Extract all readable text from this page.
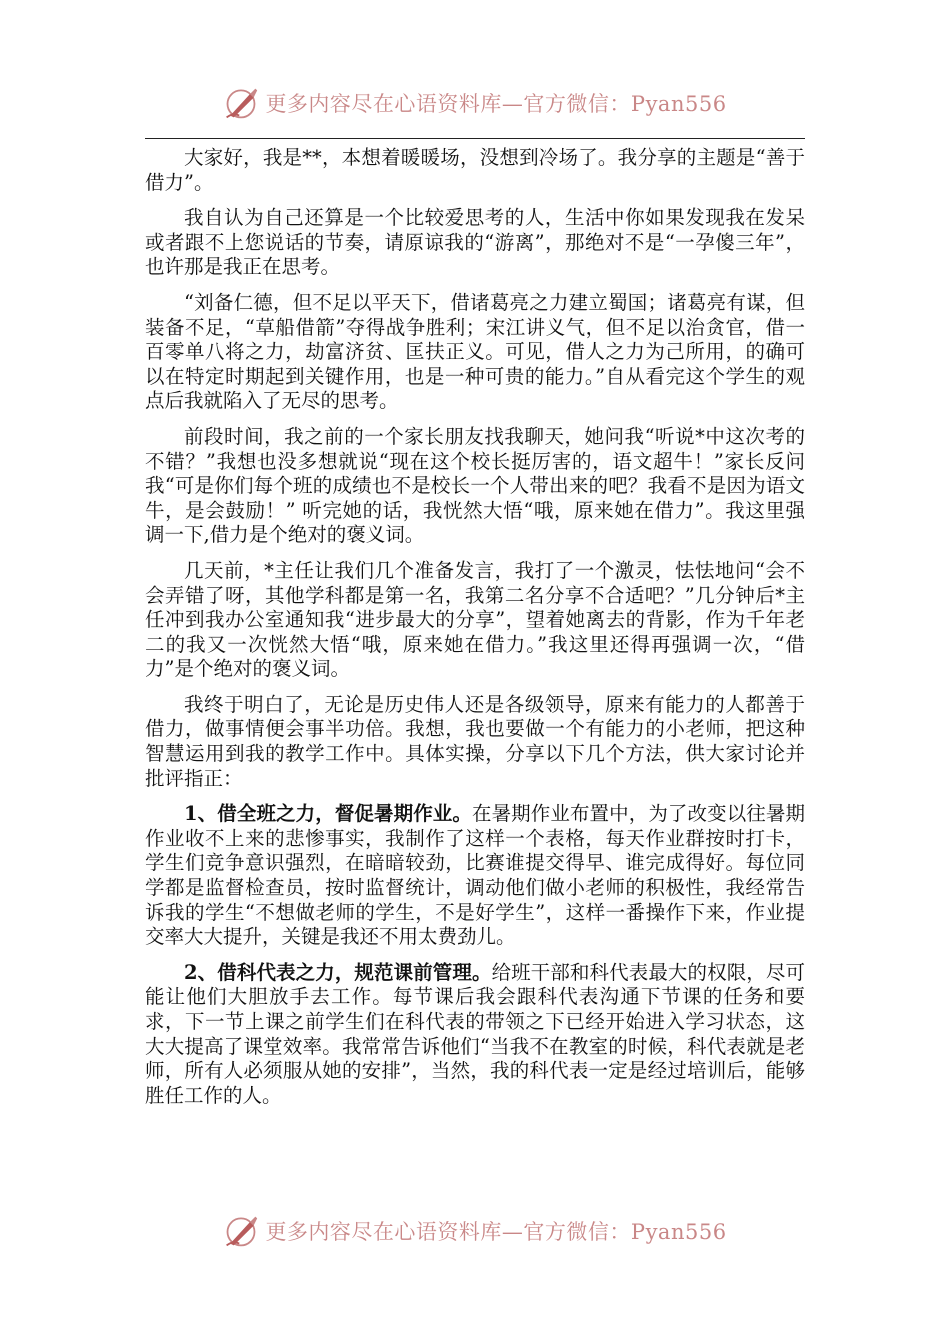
更多内容尽在心语资料库—官方微信：Pyan556

大家好，我是**，本想着暖暖场，没想到冷场了。我分享的主题是“善于借力”。

我自认为自己还算是一个比较爱思考的人，生活中你如果发现我在发呆或者跟不上您说话的节奏，请原谅我的“游离”，那绝对不是“一孕傻三年”，也许那是我正在思考。

“刘备仁德，但不足以平天下，借诸葛亮之力建立蜀国；诸葛亮有谋，但装备不足，“草船借箭”夺得战争胜利；宋江讲义气，但不足以治贪官，借一百零单八将之力，劫富济贫、匡扶正义。可见，借人之力为己所用，的确可以在特定时期起到关键作用，也是一种可贵的能力。”自从看完这个学生的观点后我就陷入了无尽的思考。

前段时间，我之前的一个家长朋友找我聊天，她问我“听说*中这次考的不错？”我想也没多想就说“现在这个校长挺厉害的，语文超牛！”家长反问我“可是你们每个班的成绩也不是校长一个人带出来的吧？我看不是因为语文牛，是会鼓励！” 听完她的话，我恍然大悟“哦，原来她在借力”。我这里强调一下,借力是个绝对的褒义词。

几天前，*主任让我们几个准备发言，我打了一个激灵，怯怯地问“会不会弄错了呀，其他学科都是第一名，我第二名分享不合适吧？”几分钟后*主任冲到我办公室通知我“进步最大的分享”，望着她离去的背影，作为千年老二的我又一次恍然大悟“哦，原来她在借力。”我这里还得再强调一次，“借力”是个绝对的褒义词。

我终于明白了，无论是历史伟人还是各级领导，原来有能力的人都善于借力，做事情便会事半功倍。我想，我也要做一个有能力的小老师，把这种智慧运用到我的教学工作中。具体实操，分享以下几个方法，供大家讨论并批评指正：

1、借全班之力，督促暑期作业。在暑期作业布置中，为了改变以往暑期作业收不上来的悲惨事实，我制作了这样一个表格，每天作业群按时打卡，学生们竞争意识强烈，在暗暗较劲，比赛谁提交得早、谁完成得好。每位同学都是监督检查员，按时监督统计，调动他们做小老师的积极性，我经常告诉我的学生“不想做老师的学生，不是好学生”，这样一番操作下来，作业提交率大大提升，关键是我还不用太费劲儿。

2、借科代表之力，规范课前管理。给班干部和科代表最大的权限，尽可能让他们大胆放手去工作。每节课后我会跟科代表沟通下节课的任务和要求，下一节上课之前学生们在科代表的带领之下已经开始进入学习状态，这大大提高了课堂效率。我常常告诉他们“当我不在教室的时候，科代表就是老师，所有人必须服从她的安排”，当然，我的科代表一定是经过培训后，能够胜任工作的人。

更多内容尽在心语资料库—官方微信：Pyan556
